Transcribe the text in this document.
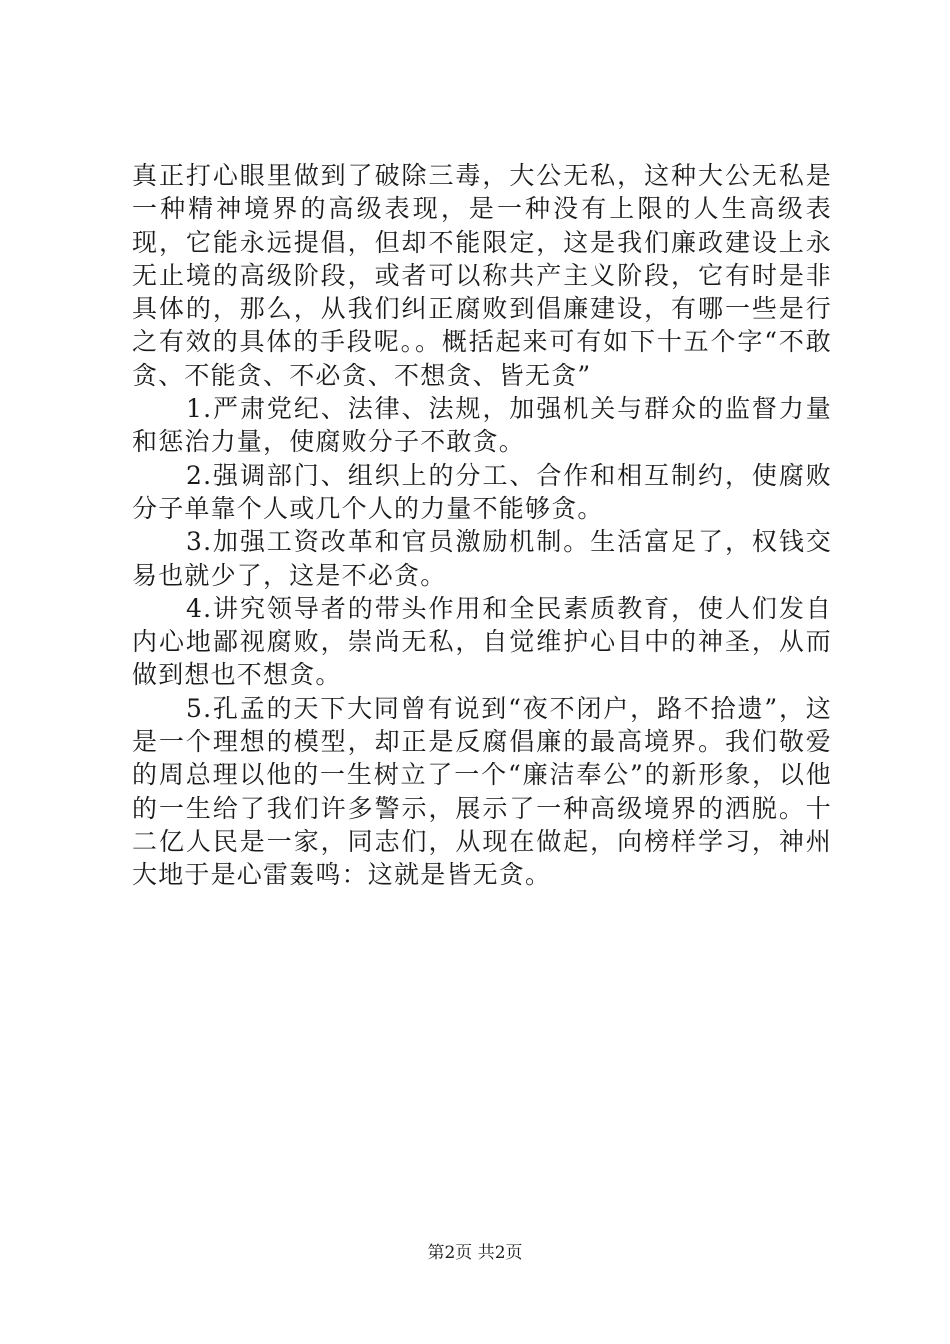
真正打心眼里做到了破除三毒，大公无私，这种大公无私是一种精神境界的高级表现，是一种没有上限的人生高级表现，它能永远提倡，但却不能限定，这是我们廉政建设上永无止境的高级阶段，或者可以称共产主义阶段，它有时是非具体的，那么，从我们纠正腐败到倡廉建设，有哪一些是行之有效的具体的手段呢。。概括起来可有如下十五个字“不敢贪、不能贪、不必贪、不想贪、皆无贪”

1.严肃党纪、法律、法规，加强机关与群众的监督力量和惩治力量，使腐败分子不敢贪。

2.强调部门、组织上的分工、合作和相互制约，使腐败分子单靠个人或几个人的力量不能够贪。

3.加强工资改革和官员激励机制。生活富足了，权钱交易也就少了，这是不必贪。

4.讲究领导者的带头作用和全民素质教育，使人们发自内心地鄙视腐败，崇尚无私，自觉维护心目中的神圣，从而做到想也不想贪。

5.孔孟的天下大同曾有说到“夜不闭户，路不拾遗”，这是一个理想的模型，却正是反腐倡廉的最高境界。我们敬爱的周总理以他的一生树立了一个“廉洁奉公”的新形象，以他的一生给了我们许多警示，展示了一种高级境界的洒脱。十二亿人民是一家，同志们，从现在做起，向榜样学习，神州大地于是心雷轰鸣：这就是皆无贪。

第2页 共2页
